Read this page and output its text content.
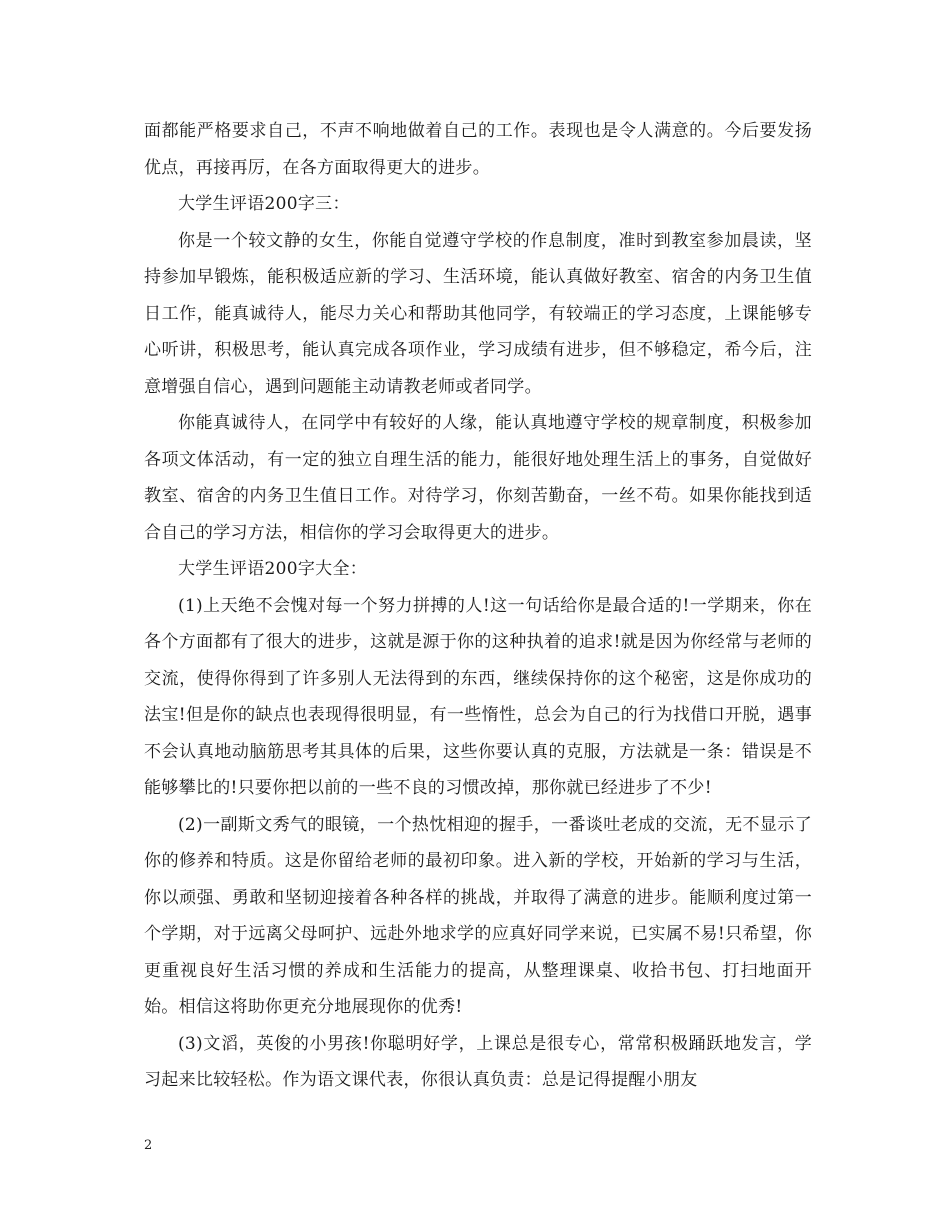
面都能严格要求自己，不声不响地做着自己的工作。表现也是令人满意的。今后要发扬优点，再接再厉，在各方面取得更大的进步。

大学生评语200字三：

你是一个较文静的女生，你能自觉遵守学校的作息制度，准时到教室参加晨读，坚持参加早锻炼，能积极适应新的学习、生活环境，能认真做好教室、宿舍的内务卫生值日工作，能真诚待人，能尽力关心和帮助其他同学，有较端正的学习态度，上课能够专心听讲，积极思考，能认真完成各项作业，学习成绩有进步，但不够稳定，希今后，注意增强自信心，遇到问题能主动请教老师或者同学。

你能真诚待人，在同学中有较好的人缘，能认真地遵守学校的规章制度，积极参加各项文体活动，有一定的独立自理生活的能力，能很好地处理生活上的事务，自觉做好教室、宿舍的内务卫生值日工作。对待学习，你刻苦勤奋，一丝不苟。如果你能找到适合自己的学习方法，相信你的学习会取得更大的进步。

大学生评语200字大全：

(1)上天绝不会愧对每一个努力拼搏的人!这一句话给你是最合适的!一学期来，你在各个方面都有了很大的进步，这就是源于你的这种执着的追求!就是因为你经常与老师的交流，使得你得到了许多别人无法得到的东西，继续保持你的这个秘密，这是你成功的法宝!但是你的缺点也表现得很明显，有一些惰性，总会为自己的行为找借口开脱，遇事不会认真地动脑筋思考其具体的后果，这些你要认真的克服，方法就是一条：错误是不能够攀比的!只要你把以前的一些不良的习惯改掉，那你就已经进步了不少!

(2)一副斯文秀气的眼镜，一个热忱相迎的握手，一番谈吐老成的交流，无不显示了你的修养和特质。这是你留给老师的最初印象。进入新的学校，开始新的学习与生活，你以顽强、勇敢和坚韧迎接着各种各样的挑战，并取得了满意的进步。能顺利度过第一个学期，对于远离父母呵护、远赴外地求学的应真好同学来说，已实属不易!只希望，你更重视良好生活习惯的养成和生活能力的提高，从整理课桌、收拾书包、打扫地面开始。相信这将助你更充分地展现你的优秀!

(3)文滔，英俊的小男孩!你聪明好学，上课总是很专心，常常积极踊跃地发言，学习起来比较轻松。作为语文课代表，你很认真负责：总是记得提醒小朋友

2
